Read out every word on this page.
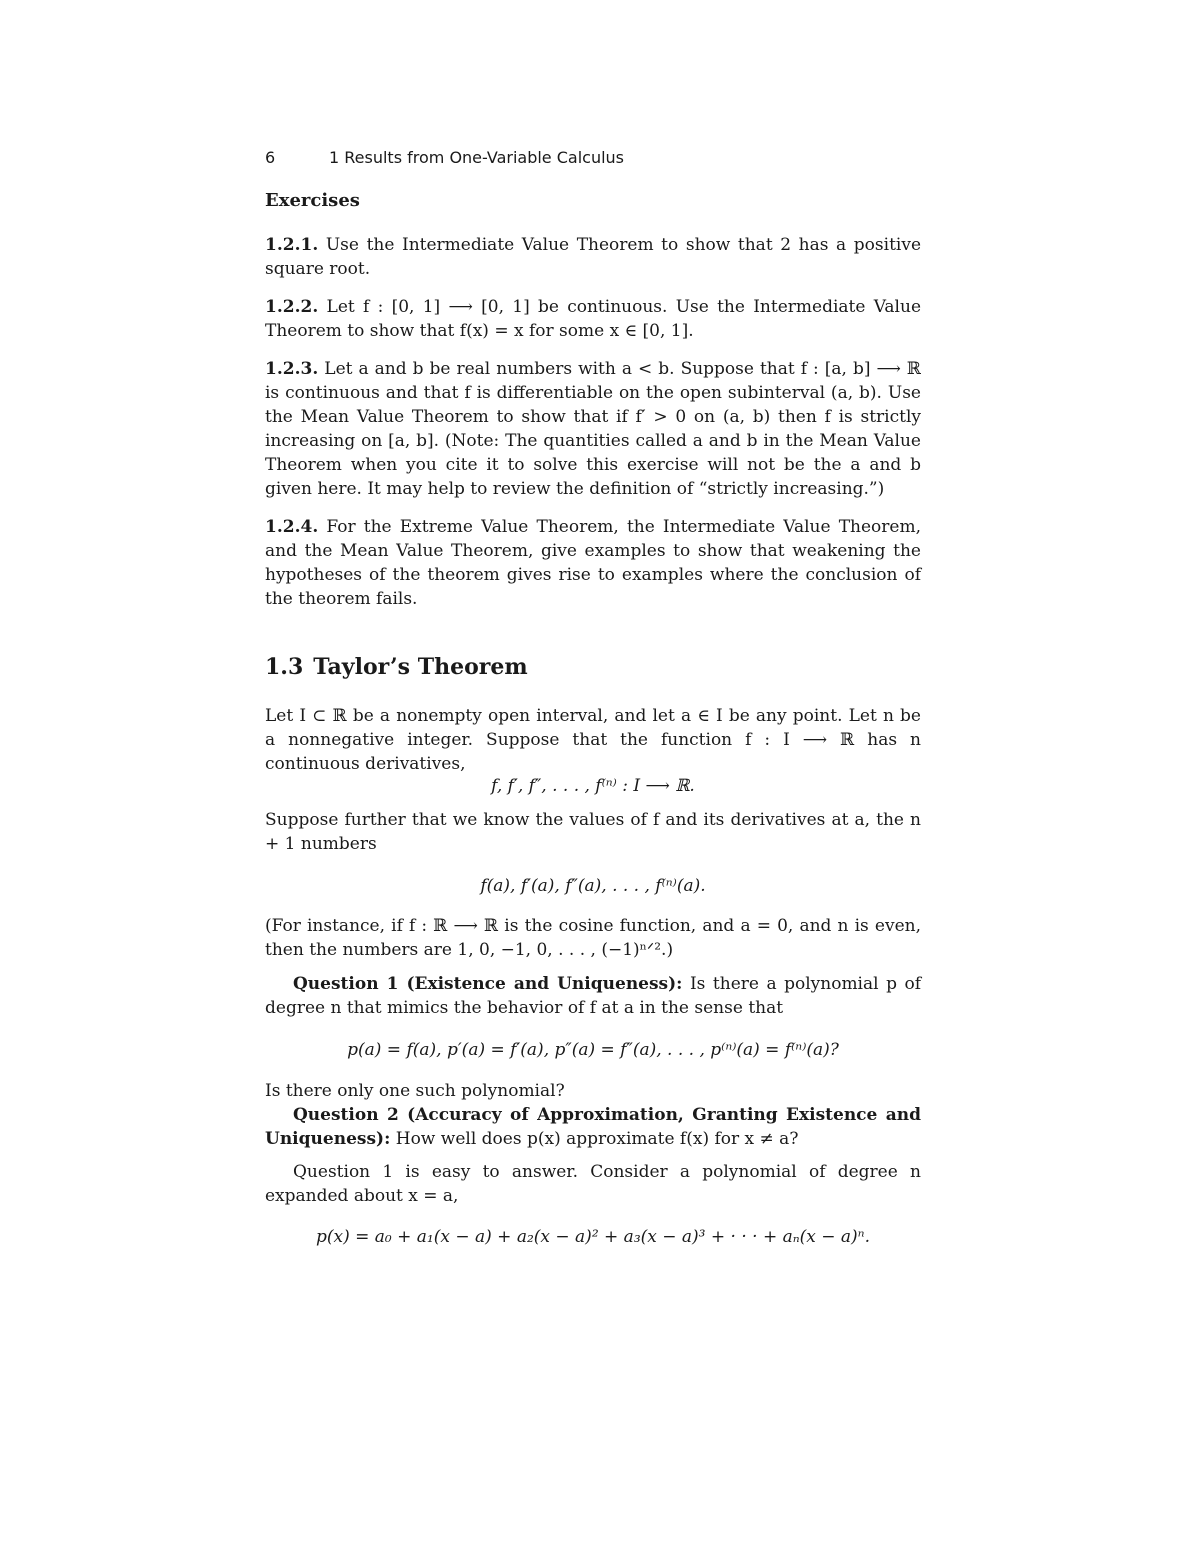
6	1 Results from One-Variable Calculus
Exercises

1.2.1. Use the Intermediate Value Theorem to show that 2 has a positive square root.

1.2.2. Let f : [0, 1] ⟶ [0, 1] be continuous. Use the Intermediate Value Theorem to show that f(x) = x for some x ∈ [0, 1].

1.2.3. Let a and b be real numbers with a < b. Suppose that f : [a, b] ⟶ ℝ is continuous and that f is differentiable on the open subinterval (a, b). Use the Mean Value Theorem to show that if f′ > 0 on (a, b) then f is strictly increasing on [a, b]. (Note: The quantities called a and b in the Mean Value Theorem when you cite it to solve this exercise will not be the a and b given here. It may help to review the definition of “strictly increasing.”)

1.2.4. For the Extreme Value Theorem, the Intermediate Value Theorem, and the Mean Value Theorem, give examples to show that weakening the hypotheses of the theorem gives rise to examples where the conclusion of the theorem fails.

1.3 Taylor’s Theorem

Let I ⊂ ℝ be a nonempty open interval, and let a ∈ I be any point. Let n be a nonnegative integer. Suppose that the function f : I ⟶ ℝ has n continuous derivatives,

f, f′, f″, . . . , f⁽ⁿ⁾ : I ⟶ ℝ.

Suppose further that we know the values of f and its derivatives at a, the n + 1 numbers

f(a), f′(a), f″(a), . . . , f⁽ⁿ⁾(a).

(For instance, if f : ℝ ⟶ ℝ is the cosine function, and a = 0, and n is even, then the numbers are 1, 0, −1, 0, . . . , (−1)ⁿᐟ².)

Question 1 (Existence and Uniqueness): Is there a polynomial p of degree n that mimics the behavior of f at a in the sense that

p(a) = f(a), p′(a) = f′(a), p″(a) = f″(a), . . . , p⁽ⁿ⁾(a) = f⁽ⁿ⁾(a)?

Is there only one such polynomial?

Question 2 (Accuracy of Approximation, Granting Existence and Uniqueness): How well does p(x) approximate f(x) for x ≠ a?

Question 1 is easy to answer. Consider a polynomial of degree n expanded about x = a,

p(x) = a₀ + a₁(x − a) + a₂(x − a)² + a₃(x − a)³ + · · · + aₙ(x − a)ⁿ.
